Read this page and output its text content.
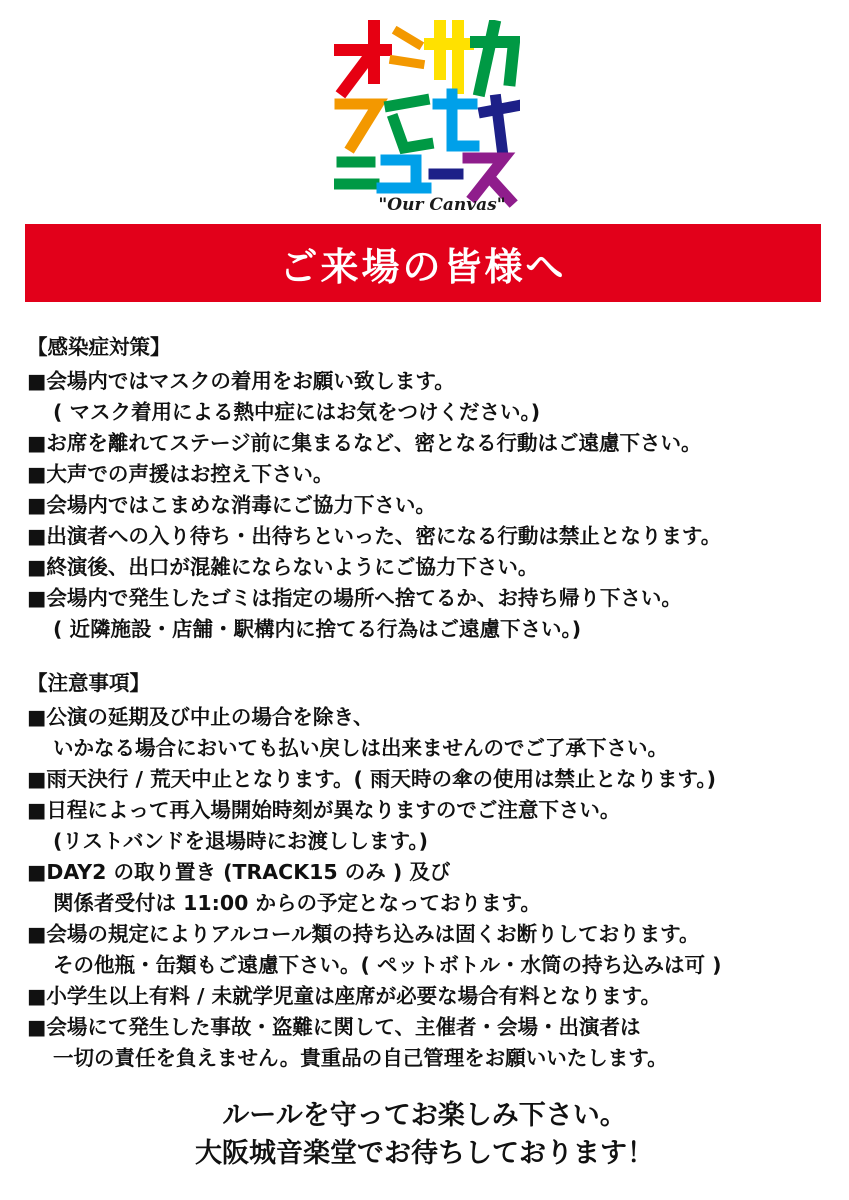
"Our Canvas"
ご来場の皆様へ
【感染症対策】
■会場内ではマスクの着用をお願い致します。
( マスク着用による熱中症にはお気をつけください。)
■お席を離れてステージ前に集まるなど、密となる行動はご遠慮下さい。
■大声での声援はお控え下さい。
■会場内ではこまめな消毒にご協力下さい。
■出演者への入り待ち・出待ちといった、密になる行動は禁止となります。
■終演後、出口が混雑にならないようにご協力下さい。
■会場内で発生したゴミは指定の場所へ捨てるか、お持ち帰り下さい。
( 近隣施設・店舗・駅構内に捨てる行為はご遠慮下さい。)
【注意事項】
■公演の延期及び中止の場合を除き、
いかなる場合においても払い戻しは出来ませんのでご了承下さい。
■雨天決行 / 荒天中止となります。( 雨天時の傘の使用は禁止となります。)
■日程によって再入場開始時刻が異なりますのでご注意下さい。
(リストバンドを退場時にお渡しします。)
■DAY2 の取り置き (TRACK15 のみ ) 及び
関係者受付は 11:00 からの予定となっております。
■会場の規定によりアルコール類の持ち込みは固くお断りしております。
その他瓶・缶類もご遠慮下さい。( ペットボトル・水筒の持ち込みは可 )
■小学生以上有料 / 未就学児童は座席が必要な場合有料となります。
■会場にて発生した事故・盗難に関して、主催者・会場・出演者は
一切の責任を負えません。貴重品の自己管理をお願いいたします。
ルールを守ってお楽しみ下さい。
大阪城音楽堂でお待ちしております！
